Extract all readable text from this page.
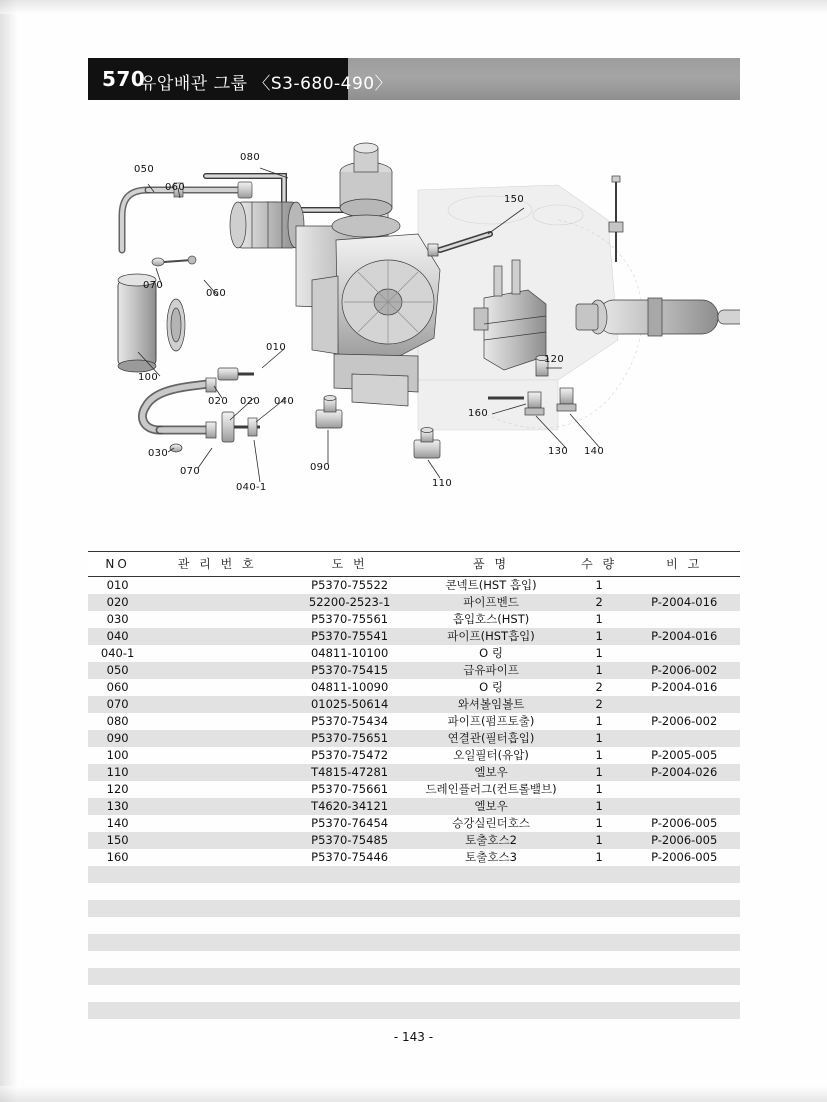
570
유압배관 그룹 〈S3-680-490〉
050
060
080
150
070
060
100
010
020 020 040
030
070
040-1
090
110
160
120
130 140
NO	관 리 번 호	도 번	품 명	수 량	비 고
010		P5370-75522	콘넥트(HST 흡입)	1	
020		52200-2523-1	파이프벤드	2	P-2004-016
030		P5370-75561	흡입호스(HST)	1	
040		P5370-75541	파이프(HST흡입)	1	P-2004-016
040-1		04811-10100	O 링	1	
050		P5370-75415	급유파이프	1	P-2006-002
060		04811-10090	O 링	2	P-2004-016
070		01025-50614	와셔볼임볼트	2	
080		P5370-75434	파이프(펌프토출)	1	P-2006-002
090		P5370-75651	연결관(필터흡입)	1	
100		P5370-75472	오일필터(유압)	1	P-2005-005
110		T4815-47281	엘보우	1	P-2004-026
120		P5370-75661	드레인플러그(컨트롤밸브)	1	
130		T4620-34121	엘보우	1	
140		P5370-76454	승강실린더호스	1	P-2006-005
150		P5370-75485	토출호스2	1	P-2006-005
160		P5370-75446	토출호스3	1	P-2006-005

- 143 -
